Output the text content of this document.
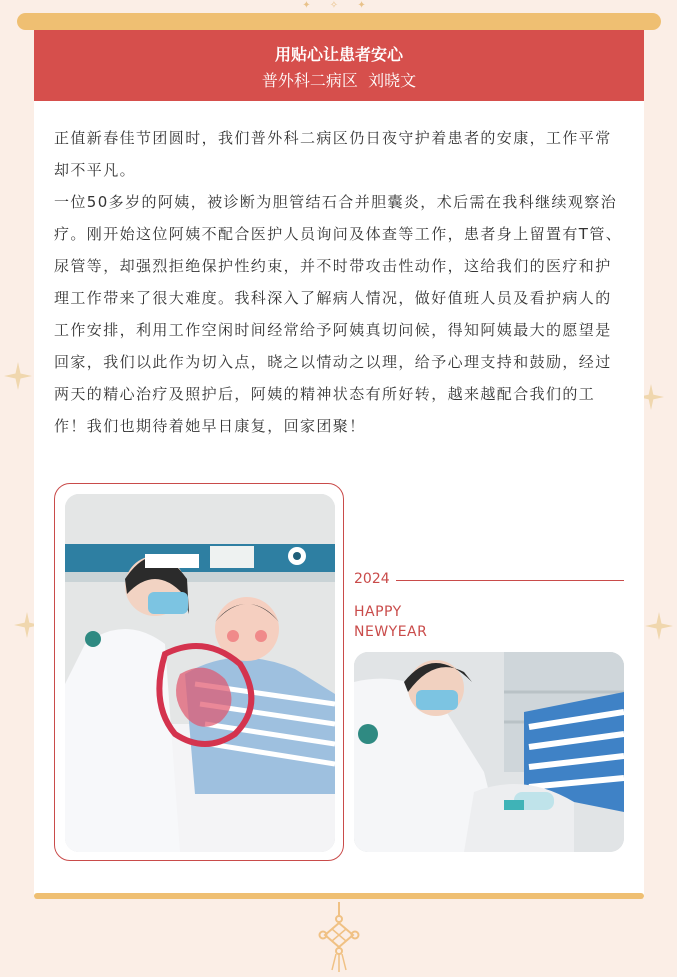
✦ ✧ ✦
用贴心让患者安心
普外科二病区  刘晓文

正值新春佳节团圆时，我们普外科二病区仍日夜守护着患者的安康，工作平常却不平凡。

一位50多岁的阿姨，被诊断为胆管结石合并胆囊炎，术后需在我科继续观察治疗。刚开始这位阿姨不配合医护人员询问及体查等工作，患者身上留置有T管、尿管等，却强烈拒绝保护性约束，并不时带攻击性动作，这给我们的医疗和护理工作带来了很大难度。我科深入了解病人情况，做好值班人员及看护病人的工作安排，利用工作空闲时间经常给予阿姨真切问候，得知阿姨最大的愿望是回家，我们以此作为切入点，晓之以情动之以理，给予心理支持和鼓励，经过两天的精心治疗及照护后，阿姨的精神状态有所好转，越来越配合我们的工作！我们也期待着她早日康复，回家团聚！

2024
HAPPY
NEWYEAR
